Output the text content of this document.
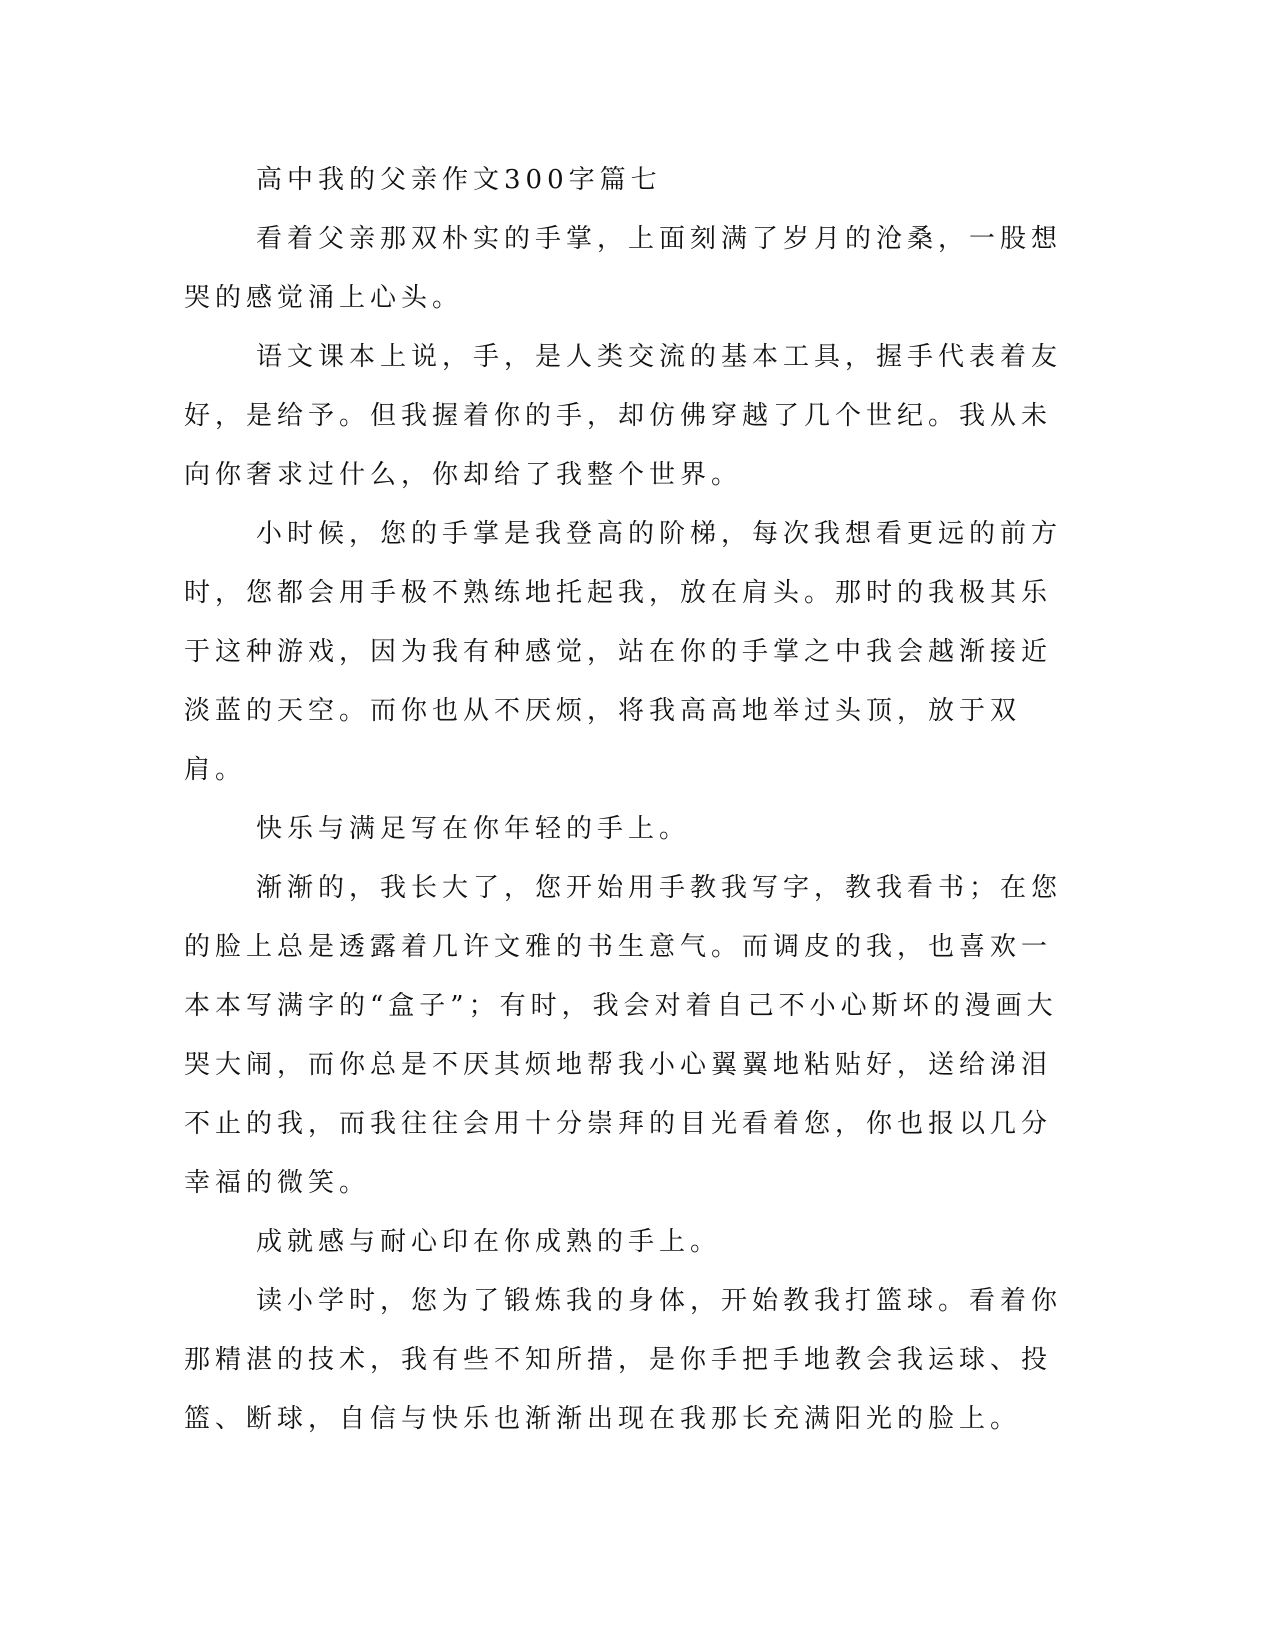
高中我的父亲作文300字篇七

看着父亲那双朴实的手掌，上面刻满了岁月的沧桑，一股想哭的感觉涌上心头。

语文课本上说，手，是人类交流的基本工具，握手代表着友好，是给予。但我握着你的手，却仿佛穿越了几个世纪。我从未向你奢求过什么，你却给了我整个世界。

小时候，您的手掌是我登高的阶梯，每次我想看更远的前方时，您都会用手极不熟练地托起我，放在肩头。那时的我极其乐于这种游戏，因为我有种感觉，站在你的手掌之中我会越渐接近淡蓝的天空。而你也从不厌烦，将我高高地举过头顶，放于双肩。

快乐与满足写在你年轻的手上。

渐渐的，我长大了，您开始用手教我写字，教我看书；在您的脸上总是透露着几许文雅的书生意气。而调皮的我，也喜欢一本本写满字的“盒子”；有时，我会对着自己不小心斯坏的漫画大哭大闹，而你总是不厌其烦地帮我小心翼翼地粘贴好，送给涕泪不止的我，而我往往会用十分崇拜的目光看着您，你也报以几分幸福的微笑。

成就感与耐心印在你成熟的手上。

读小学时，您为了锻炼我的身体，开始教我打篮球。看着你那精湛的技术，我有些不知所措，是你手把手地教会我运球、投篮、断球，自信与快乐也渐渐出现在我那长充满阳光的脸上。
